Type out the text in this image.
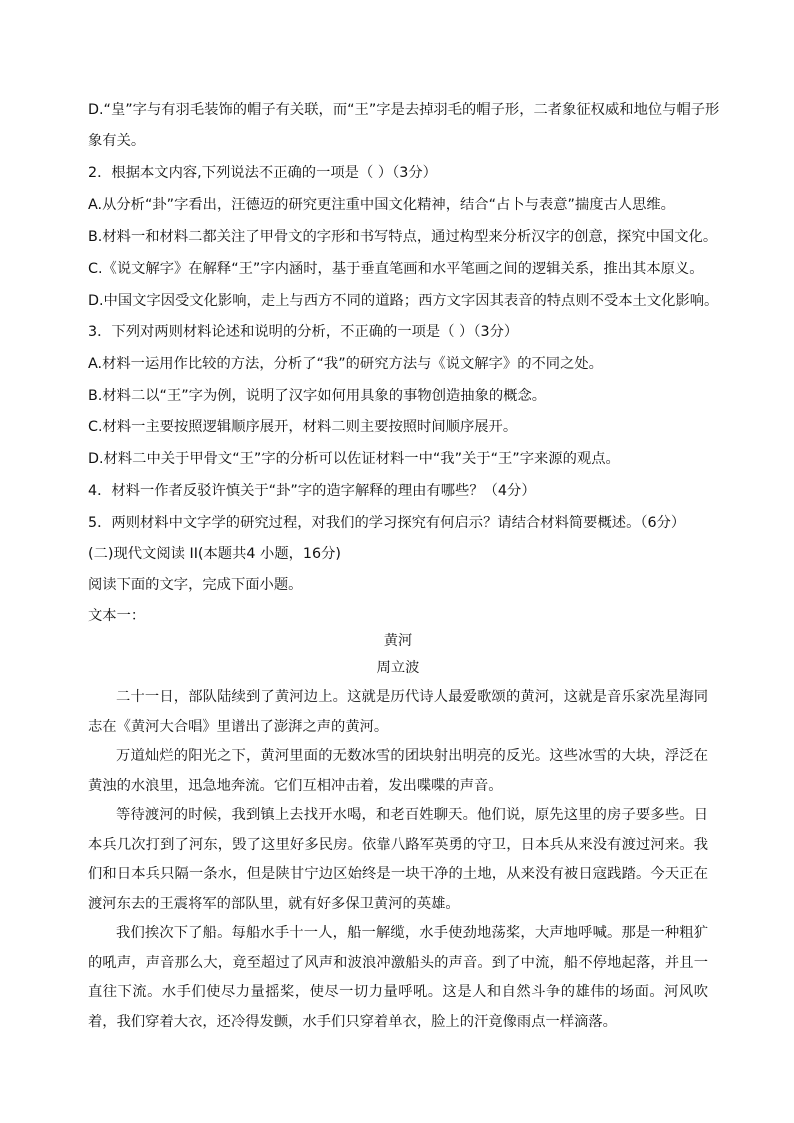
D.“皇”字与有羽毛装饰的帽子有关联，而“王”字是去掉羽毛的帽子形，二者象征权威和地位与帽子形
象有关。
2．根据本文内容,下列说法不正确的一项是（ ）（3分）
A.从分析“卦”字看出，汪德迈的研究更注重中国文化精神，结合“占卜与表意”揣度古人思维。
B.材料一和材料二都关注了甲骨文的字形和书写特点，通过构型来分析汉字的创意，探究中国文化。
C.《说文解字》在解释“王”字内涵时，基于垂直笔画和水平笔画之间的逻辑关系，推出其本原义。
D.中国文字因受文化影响，走上与西方不同的道路；西方文字因其表音的特点则不受本土文化影响。
3．下列对两则材料论述和说明的分析，不正确的一项是（ ）（3分）
A.材料一运用作比较的方法，分析了“我”的研究方法与《说文解字》的不同之处。
B.材料二以“王”字为例，说明了汉字如何用具象的事物创造抽象的概念。
C.材料一主要按照逻辑顺序展开，材料二则主要按照时间顺序展开。
D.材料二中关于甲骨文“王”字的分析可以佐证材料一中“我”关于“王”字来源的观点。
4．材料一作者反驳许慎关于“卦”字的造字解释的理由有哪些？（4分）
5．两则材料中文字学的研究过程，对我们的学习探究有何启示？请结合材料简要概述。（6分）
(二)现代文阅读 II(本题共4 小题，16分)
阅读下面的文字，完成下面小题。
文本一：
黄河
周立波

二十一日，部队陆续到了黄河边上。这就是历代诗人最爱歌颂的黄河，这就是音乐家冼星海同志在《黄河大合唱》里谱出了澎湃之声的黄河。

万道灿烂的阳光之下，黄河里面的无数冰雪的团块射出明亮的反光。这些冰雪的大块，浮泛在黄浊的水浪里，迅急地奔流。它们互相冲击着，发出喋喋的声音。

等待渡河的时候，我到镇上去找开水喝，和老百姓聊天。他们说，原先这里的房子要多些。日本兵几次打到了河东，毁了这里好多民房。依靠八路军英勇的守卫，日本兵从来没有渡过河来。我们和日本兵只隔一条水，但是陕甘宁边区始终是一块干净的土地，从来没有被日寇践踏。今天正在渡河东去的王震将军的部队里，就有好多保卫黄河的英雄。

我们挨次下了船。每船水手十一人，船一解缆，水手使劲地荡桨，大声地呼喊。那是一种粗犷的吼声，声音那么大，竟至超过了风声和波浪冲激船头的声音。到了中流，船不停地起落，并且一直往下流。水手们使尽力量摇桨，使尽一切力量呼吼。这是人和自然斗争的雄伟的场面。河风吹着，我们穿着大衣，还冷得发颤，水手们只穿着单衣，脸上的汗竟像雨点一样滴落。
